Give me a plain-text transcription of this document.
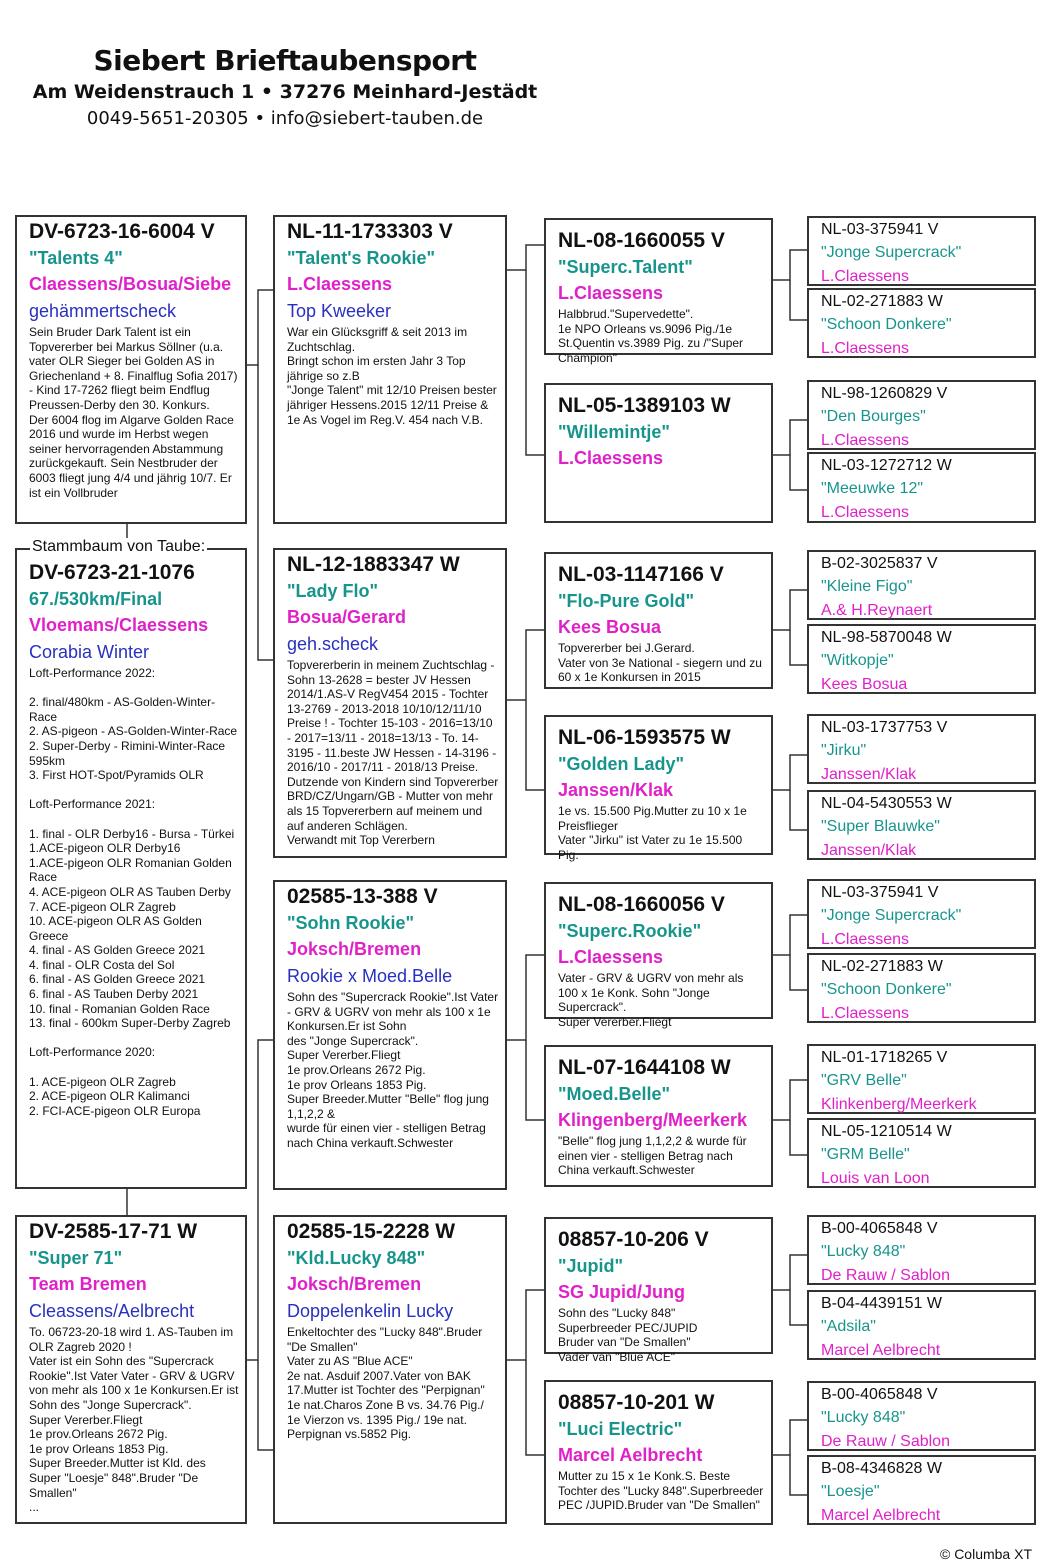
Siebert Brieftaubensport
Am Weidenstrauch 1 • 37276 Meinhard-Jestädt
0049-5651-20305 • info@siebert-tauben.de
DV-6723-16-6004 V
"Talents 4"
Claessens/Bosua/Siebe
gehämmertscheck
Sein Bruder Dark Talent ist ein Topvererber bei Markus Söllner (u.a. vater OLR Sieger bei Golden AS in Griechenland + 8. Finalflug Sofia 2017) - Kind 17-7262 fliegt beim Endflug Preussen-Derby den 30. Konkurs.
Der 6004 flog im Algarve Golden Race 2016 und wurde im Herbst wegen seiner hervorragenden Abstammung zurückgekauft. Sein Nestbruder der 6003 fliegt jung 4/4 und jährig 10/7. Er ist ein Vollbruder
DV-6723-21-1076
67./530km/Final
Vloemans/Claessens
Corabia Winter
Loft-Performance 2022:

2. final/480km - AS-Golden-Winter-Race
2. AS-pigeon - AS-Golden-Winter-Race
2. Super-Derby - Rimini-Winter-Race 595km
3. First HOT-Spot/Pyramids OLR

Loft-Performance 2021:

1. final - OLR Derby16 - Bursa - Türkei
1.ACE-pigeon OLR Derby16
1.ACE-pigeon OLR Romanian Golden Race
4. ACE-pigeon OLR AS Tauben Derby
7. ACE-pigeon OLR Zagreb
10. ACE-pigeon OLR AS Golden Greece
4. final - AS Golden Greece 2021
4. final - OLR Costa del Sol
6. final - AS Golden Greece 2021
6. final - AS Tauben Derby 2021
10. final - Romanian Golden Race
13. final - 600km Super-Derby Zagreb

Loft-Performance 2020:

1. ACE-pigeon OLR Zagreb
2. ACE-pigeon OLR Kalimanci
2. FCI-ACE-pigeon OLR Europa
Stammbaum von Taube:
DV-2585-17-71 W
"Super 71"
Team Bremen
Cleassens/Aelbrecht
To. 06723-20-18 wird 1. AS-Tauben im OLR Zagreb 2020 !
Vater ist ein Sohn des "Supercrack Rookie".Ist Vater Vater - GRV & UGRV von mehr als 100 x 1e Konkursen.Er ist Sohn des "Jonge Supercrack".
Super Vererber.Fliegt
1e prov.Orleans 2672 Pig.
1e prov Orleans 1853 Pig.
Super Breeder.Mutter ist Kld. des Super "Loesje" 848".Bruder "De Smallen"
...
NL-11-1733303 V
"Talent's Rookie"
L.Claessens
Top Kweeker
War ein Glücksgriff & seit 2013 im Zuchtschlag.
Bringt schon im ersten Jahr 3 Top jährige so z.B
"Jonge Talent" mit 12/10 Preisen bester jähriger Hessens.2015 12/11 Preise & 1e As Vogel im Reg.V. 454 nach V.B.
NL-12-1883347 W
"Lady Flo"
Bosua/Gerard
geh.scheck
Topvererberin in meinem Zuchtschlag - Sohn 13-2628 = bester JV Hessen 2014/1.AS-V RegV454 2015 - Tochter 13-2769 - 2013-2018 10/10/12/11/10 Preise ! - Tochter 15-103 - 2016=13/10 - 2017=13/11 - 2018=13/13 - To. 14-3195 - 11.beste JW Hessen - 14-3196 - 2016/10 - 2017/11 - 2018/13 Preise. Dutzende von Kindern sind Topvererber BRD/CZ/Ungarn/GB - Mutter von mehr als 15 Topvererbern auf meinem und auf anderen Schlägen.
Verwandt mit Top Vererbern
02585-13-388 V
"Sohn Rookie"
Joksch/Bremen
Rookie x Moed.Belle
Sohn des "Supercrack Rookie".Ist Vater - GRV & UGRV von mehr als 100 x 1e Konkursen.Er ist Sohn
des "Jonge Supercrack".
Super Vererber.Fliegt
1e prov.Orleans 2672 Pig.
1e prov Orleans 1853 Pig.
Super Breeder.Mutter "Belle" flog jung 1,1,2,2 &
wurde für einen vier - stelligen Betrag nach China verkauft.Schwester
02585-15-2228 W
"Kld.Lucky 848"
Joksch/Bremen
Doppelenkelin Lucky
Enkeltochter des "Lucky 848".Bruder "De Smallen"
Vater zu AS "Blue ACE"
2e nat. Asduif 2007.Vater von BAK 17.Mutter ist Tochter des "Perpignan"
1e nat.Charos Zone B vs. 34.76 Pig./ 1e Vierzon vs. 1395 Pig./ 19e nat. Perpignan vs.5852 Pig.
NL-08-1660055 V
"Superc.Talent"
L.Claessens
Halbbrud."Supervedette".
1e NPO Orleans vs.9096 Pig./1e St.Quentin vs.3989 Pig. zu /"Super Champion"
NL-05-1389103 W
"Willemintje"
L.Claessens
NL-03-1147166 V
"Flo-Pure Gold"
Kees Bosua
Topvererber bei J.Gerard.
Vater von 3e National - siegern und zu 60 x 1e Konkursen in 2015
NL-06-1593575 W
"Golden Lady"
Janssen/Klak
1e vs. 15.500 Pig.Mutter zu 10 x 1e Preisflieger
Vater "Jirku" ist Vater zu 1e 15.500 Pig.
NL-08-1660056 V
"Superc.Rookie"
L.Claessens
Vater - GRV & UGRV von mehr als 100 x 1e Konk. Sohn "Jonge Supercrack".
Super Vererber.Fliegt
NL-07-1644108 W
"Moed.Belle"
Klingenberg/Meerkerk
"Belle" flog jung 1,1,2,2 & wurde für einen vier - stelligen Betrag nach China verkauft.Schwester
08857-10-206 V
"Jupid"
SG Jupid/Jung
Sohn des "Lucky 848"
Superbreeder PEC/JUPID
Bruder van "De Smallen"
Vader van "Blue ACE"
08857-10-201 W
"Luci Electric"
Marcel Aelbrecht
Mutter zu 15 x 1e Konk.S. Beste Tochter des "Lucky 848".Superbreeder PEC /JUPID.Bruder van "De Smallen"
NL-03-375941 V
"Jonge Supercrack"
L.Claessens
NL-02-271883 W
"Schoon Donkere"
L.Claessens
NL-98-1260829 V
"Den Bourges"
L.Claessens
NL-03-1272712 W
"Meeuwke 12"
L.Claessens
B-02-3025837 V
"Kleine Figo"
A.& H.Reynaert
NL-98-5870048 W
"Witkopje"
Kees Bosua
NL-03-1737753 V
"Jirku"
Janssen/Klak
NL-04-5430553 W
"Super Blauwke"
Janssen/Klak
NL-03-375941 V
"Jonge Supercrack"
L.Claessens
NL-02-271883 W
"Schoon Donkere"
L.Claessens
NL-01-1718265 V
"GRV Belle"
Klinkenberg/Meerkerk
NL-05-1210514 W
"GRM Belle"
Louis van Loon
B-00-4065848 V
"Lucky 848"
De Rauw / Sablon
B-04-4439151 W
"Adsila"
Marcel Aelbrecht
B-00-4065848 V
"Lucky 848"
De Rauw / Sablon
B-08-4346828 W
"Loesje"
Marcel Aelbrecht
© Columba XT
